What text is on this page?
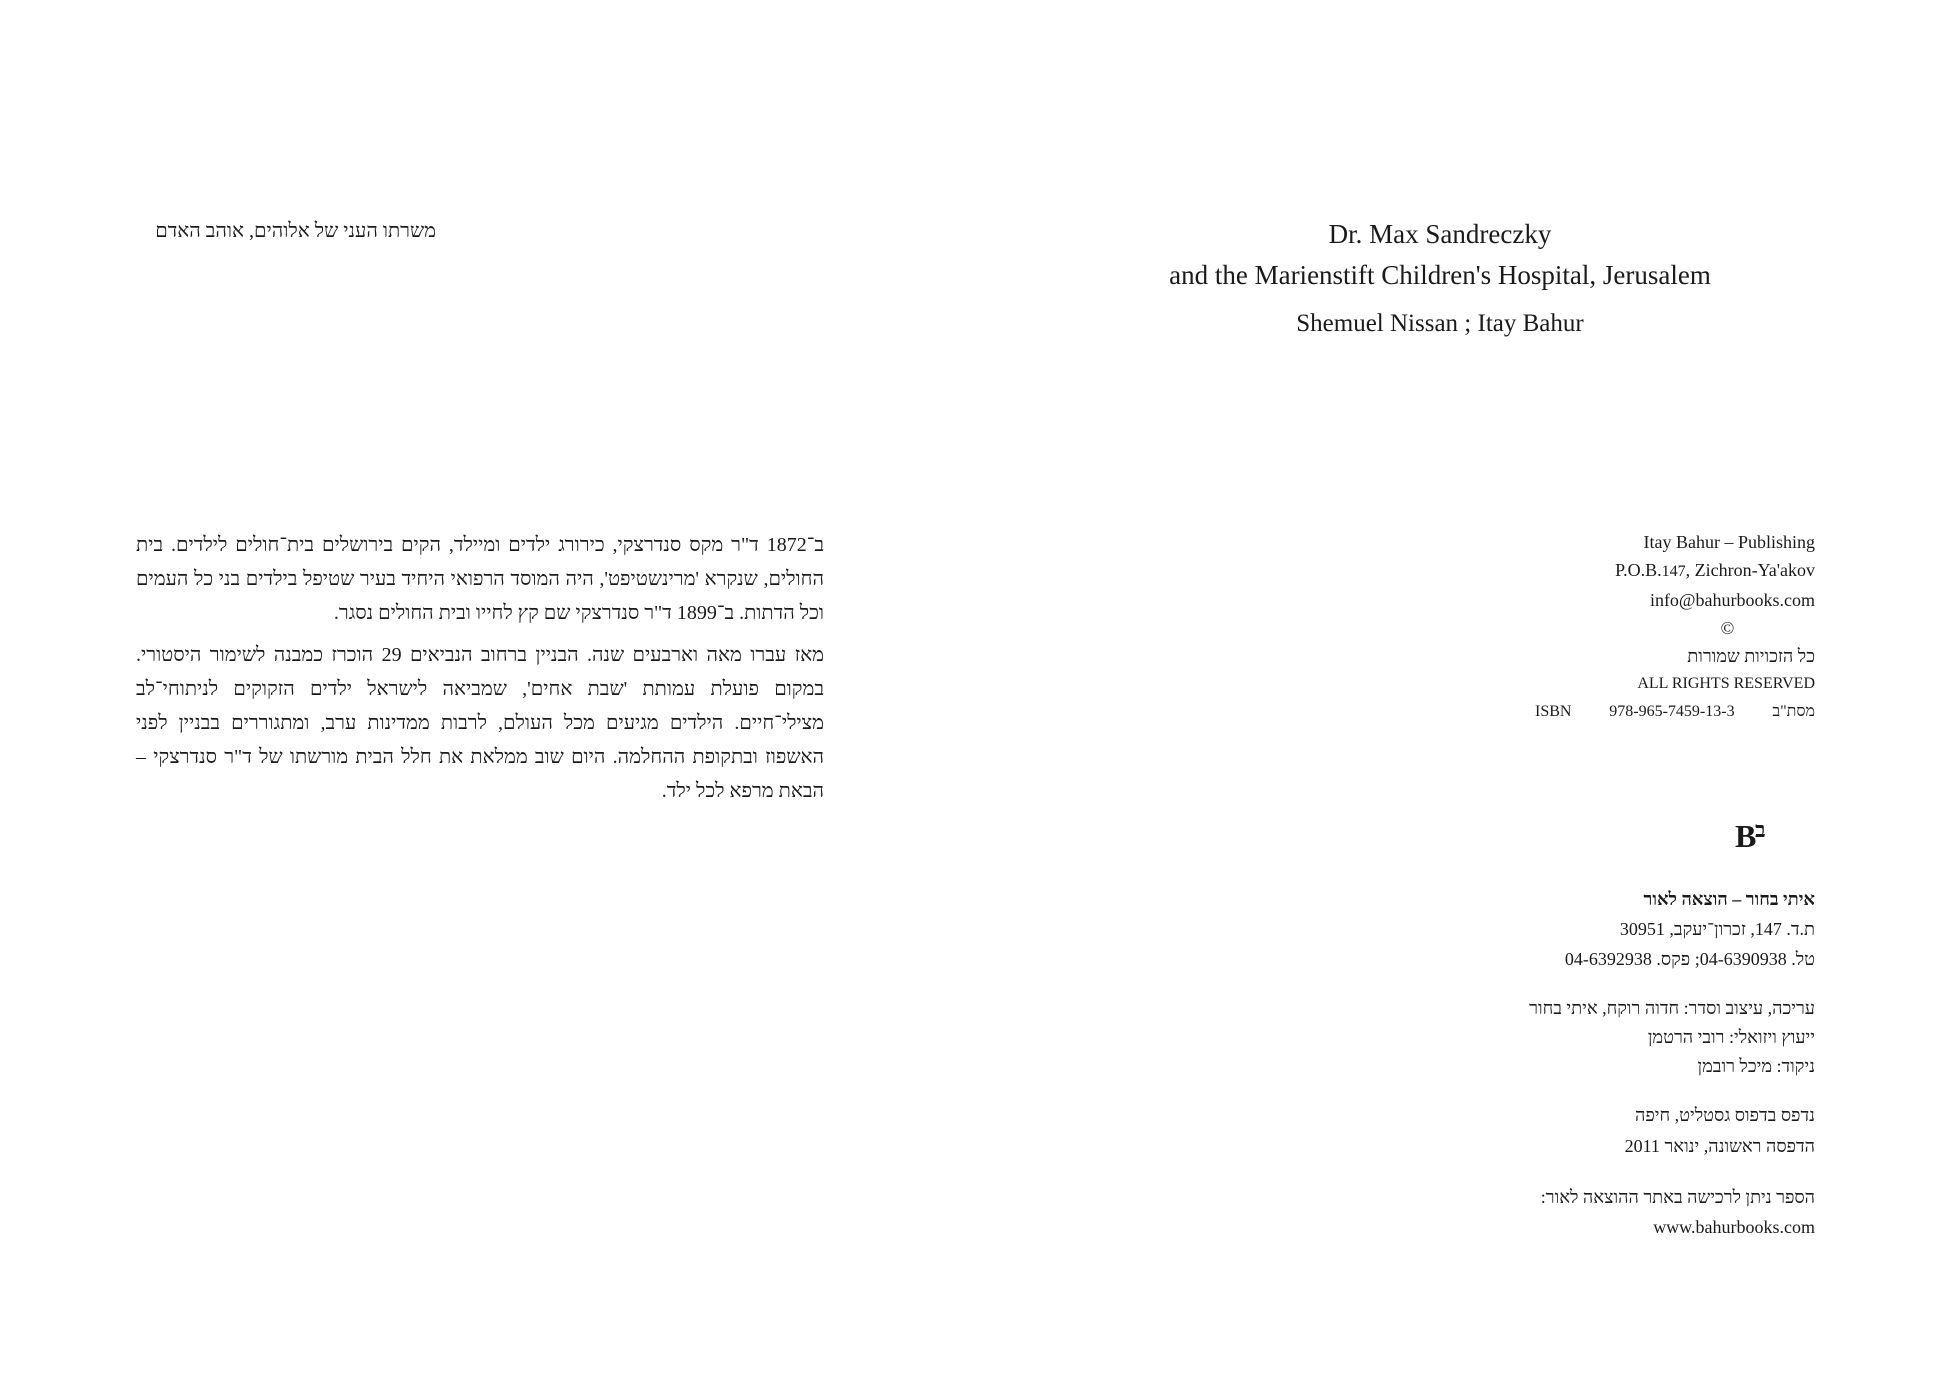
משרתו העני של אלוהים, אוהב האדם

ב־1872 ד"ר מקס סנדרצקי, כירורג ילדים ומיילד, הקים בירושלים בית־חולים לילדים. בית החולים, שנקרא 'מרינשטיפט', היה המוסד הרפואי היחיד בעיר שטיפל בילדים בני כל העמים וכל הדתות. ב־1899 ד"ר סנדרצקי שם קץ לחייו ובית החולים נסגר.

מאז עברו מאה וארבעים שנה. הבניין ברחוב הנביאים 29 הוכרז כמבנה לשימור היסטורי. במקום פועלת עמותת 'שבת אחים', שמביאה לישראל ילדים הזקוקים לניתוחי־לב מצילי־חיים. הילדים מגיעים מכל העולם, לרבות ממדינות ערב, ומתגוררים בבניין לפני האשפוז ובתקופת ההחלמה. היום שוב ממלאת את חלל הבית מורשתו של ד"ר סנדרצקי – הבאת מרפא לכל ילד.

Dr. Max Sandreczky
and the Marienstift Children's Hospital, Jerusalem
Shemuel Nissan ; Itay Bahur
Itay Bahur – Publishing
P.O.B.147, Zichron-Ya'akov
info@bahurbooks.com
©
כל הזכויות שמורות
ALL RIGHTS RESERVED
ISBN 978-965-7459-13-3 מסת"ב
B
ב
איתי בחור – הוצאה לאור
ת.ד. 147, זכרון־יעקב, 30951
טל. 04-6390938; פקס. 04-6392938
עריכה, עיצוב וסדר: חדוה רוקח, איתי בחור
ייעוץ ויזואלי: רובי הרטמן
ניקוד: מיכל רובמן
נדפס בדפוס גסטליט, חיפה
הדפסה ראשונה, ינואר 2011
הספר ניתן לרכישה באתר ההוצאה לאור:
www.bahurbooks.com
